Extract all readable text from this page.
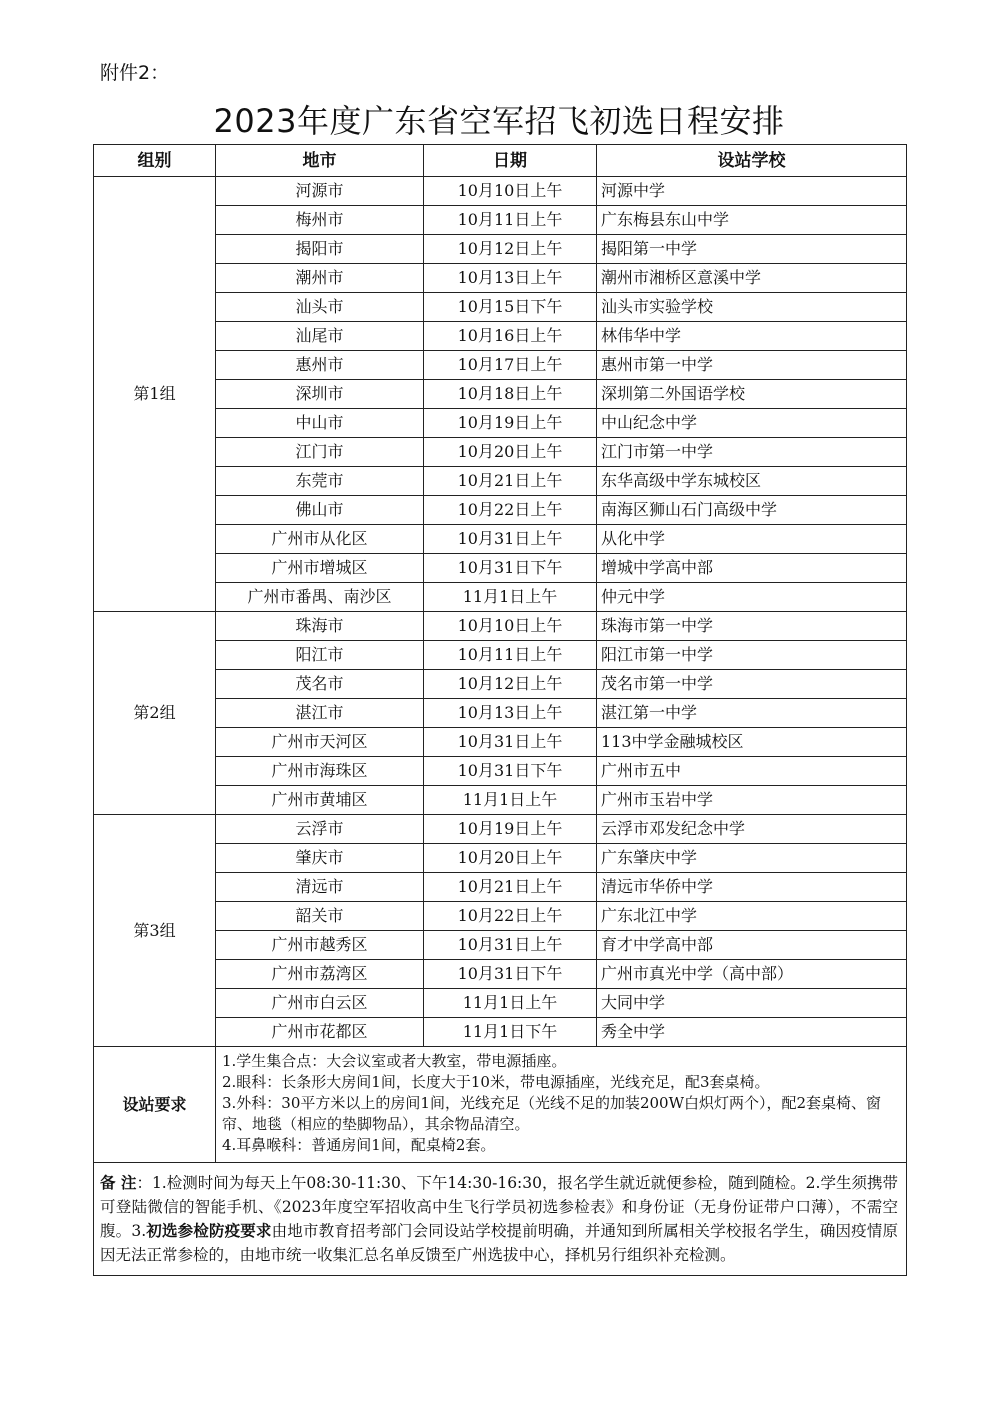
附件2：
2023年度广东省空军招飞初选日程安排
组别	地市	日期	设站学校
第1组	河源市	10月10日上午	河源中学
	梅州市	10月11日上午	广东梅县东山中学
	揭阳市	10月12日上午	揭阳第一中学
	潮州市	10月13日上午	潮州市湘桥区意溪中学
	汕头市	10月15日下午	汕头市实验学校
	汕尾市	10月16日上午	林伟华中学
	惠州市	10月17日上午	惠州市第一中学
	深圳市	10月18日上午	深圳第二外国语学校
	中山市	10月19日上午	中山纪念中学
	江门市	10月20日上午	江门市第一中学
	东莞市	10月21日上午	东华高级中学东城校区
	佛山市	10月22日上午	南海区狮山石门高级中学
	广州市从化区	10月31日上午	从化中学
	广州市增城区	10月31日下午	增城中学高中部
	广州市番禺、南沙区	11月1日上午	仲元中学
第2组	珠海市	10月10日上午	珠海市第一中学
	阳江市	10月11日上午	阳江市第一中学
	茂名市	10月12日上午	茂名市第一中学
	湛江市	10月13日上午	湛江第一中学
	广州市天河区	10月31日上午	113中学金融城校区
	广州市海珠区	10月31日下午	广州市五中
	广州市黄埔区	11月1日上午	广州市玉岩中学
第3组	云浮市	10月19日上午	云浮市邓发纪念中学
	肇庆市	10月20日上午	广东肇庆中学
	清远市	10月21日上午	清远市华侨中学
	韶关市	10月22日上午	广东北江中学
	广州市越秀区	10月31日上午	育才中学高中部
	广州市荔湾区	10月31日下午	广州市真光中学（高中部）
	广州市白云区	11月1日上午	大同中学
	广州市花都区	11月1日下午	秀全中学
设站要求	1.学生集合点：大会议室或者大教室，带电源插座。
2.眼科：长条形大房间1间，长度大于10米，带电源插座，光线充足，配3套桌椅。
3.外科：30平方米以上的房间1间，光线充足（光线不足的加装200W白炽灯两个），配2套桌椅、窗帘、地毯（相应的垫脚物品），其余物品清空。
4.耳鼻喉科：普通房间1间，配桌椅2套。		

备 注：1.检测时间为每天上午08:30-11:30、下午14:30-16:30，报名学生就近就便参检，随到随检。2.学生须携带可登陆微信的智能手机、《2023年度空军招收高中生飞行学员初选参检表》和身份证（无身份证带户口薄），不需空腹。3.初选参检防疫要求由地市教育招考部门会同设站学校提前明确，并通知到所属相关学校报名学生，确因疫情原因无法正常参检的，由地市统一收集汇总名单反馈至广州选拔中心，择机另行组织补充检测。			
